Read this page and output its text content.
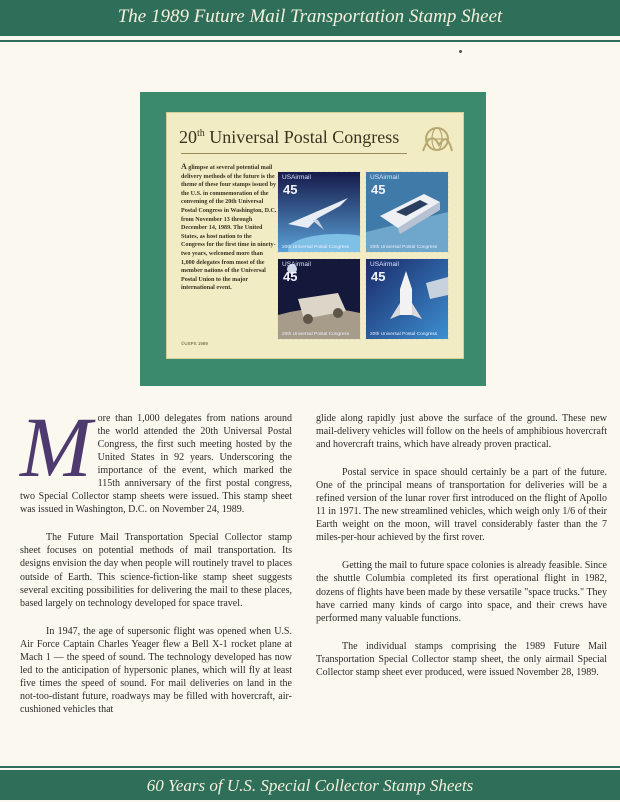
The 1989 Future Mail Transportation Stamp Sheet
20th Universal Postal Congress
A glimpse at several potential mail delivery methods of the future is the theme of these four stamps issued by the U.S. in commemoration of the convening of the 20th Universal Postal Congress in Washington, D.C. from November 13 through December 14, 1989. The United States, as host nation to the Congress for the first time in ninety-two years, welcomed more than 1,000 delegates from most of the member nations of the Universal Postal Union to the major international event.
©USPS 1989
USAirmail
45
20th Universal Postal Congress
USAirmail
45
20th Universal Postal Congress
USAirmail
45
20th Universal Postal Congress
USAirmail
45
20th Universal Postal Congress

More than 1,000 delegates from nations around the world attended the 20th Universal Postal Congress, the first such meeting hosted by the United States in 92 years. Underscoring the importance of the event, which marked the 115th anniversary of the first postal congress, two Special Collector stamp sheets were issued. This stamp sheet was issued in Washington, D.C. on November 24, 1989.

The Future Mail Transportation Special Collector stamp sheet focuses on potential methods of mail transportation. Its designs envision the day when people will routinely travel to places outside of Earth. This science-fiction-like stamp sheet suggests several exciting possibilities for delivering the mail to these places, based largely on technology developed for space travel.

In 1947, the age of supersonic flight was opened when U.S. Air Force Captain Charles Yeager flew a Bell X-1 rocket plane at Mach 1 — the speed of sound. The technology developed has now led to the anticipation of hypersonic planes, which will fly at least five times the speed of sound. For mail deliveries on land in the not-too-distant future, roadways may be filled with hovercraft, air-cushioned vehicles that

glide along rapidly just above the surface of the ground. These new mail-delivery vehicles will follow on the heels of amphibious hovercraft and hovercraft trains, which have already proven practical.

Postal service in space should certainly be a part of the future. One of the principal means of transportation for deliveries will be a refined version of the lunar rover first introduced on the flight of Apollo 11 in 1971. The new streamlined vehicles, which weigh only 1/6 of their Earth weight on the moon, will travel considerably faster than the 7 miles-per-hour achieved by the first rover.

Getting the mail to future space colonies is already feasible. Since the shuttle Columbia completed its first operational flight in 1982, dozens of flights have been made by these versatile "space trucks." They have carried many kinds of cargo into space, and their crews have performed many valuable functions.

The individual stamps comprising the 1989 Future Mail Transportation Special Collector stamp sheet, the only airmail Special Collector stamp sheet ever produced, were issued November 28, 1989.

60 Years of U.S. Special Collector Stamp Sheets
